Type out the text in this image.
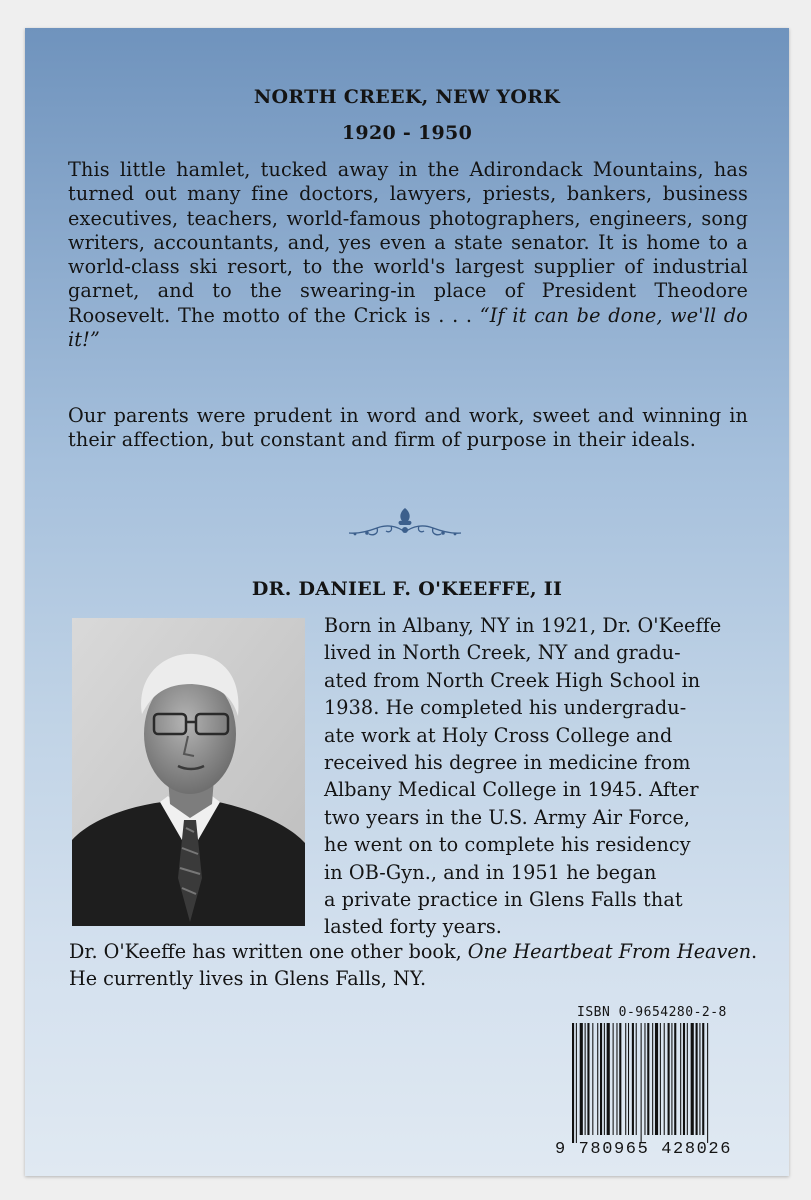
NORTH CREEK, NEW YORK
1920 - 1950
This little hamlet, tucked away in the Adirondack Mountains, has turned out many fine doctors, lawyers, priests, bankers, business executives, teachers, world-famous photographers, engineers, song writers, accountants, and, yes even a state senator. It is home to a world-class ski resort, to the world's largest supplier of industrial garnet, and to the swearing-in place of President Theodore Roosevelt. The motto of the Crick is . . . “If it can be done, we'll do it!”
Our parents were prudent in word and work, sweet and winning in their affection, but constant and firm of purpose in their ideals.
DR. DANIEL F. O'KEEFFE, II
Born in Albany, NY in 1921, Dr. O'Keeffe
lived in North Creek, NY and gradu-
ated from North Creek High School in
1938. He completed his undergradu-
ate work at Holy Cross College and
received his degree in medicine from
Albany Medical College in 1945. After
two years in the U.S. Army Air Force,
he went on to complete his residency
in OB-Gyn., and in 1951 he began
a private practice in Glens Falls that
lasted forty years.
Dr. O'Keeffe has written one other book, One Heartbeat From Heaven. He currently lives in Glens Falls, NY.
ISBN 0-9654280-2-8
9 780965 428026
